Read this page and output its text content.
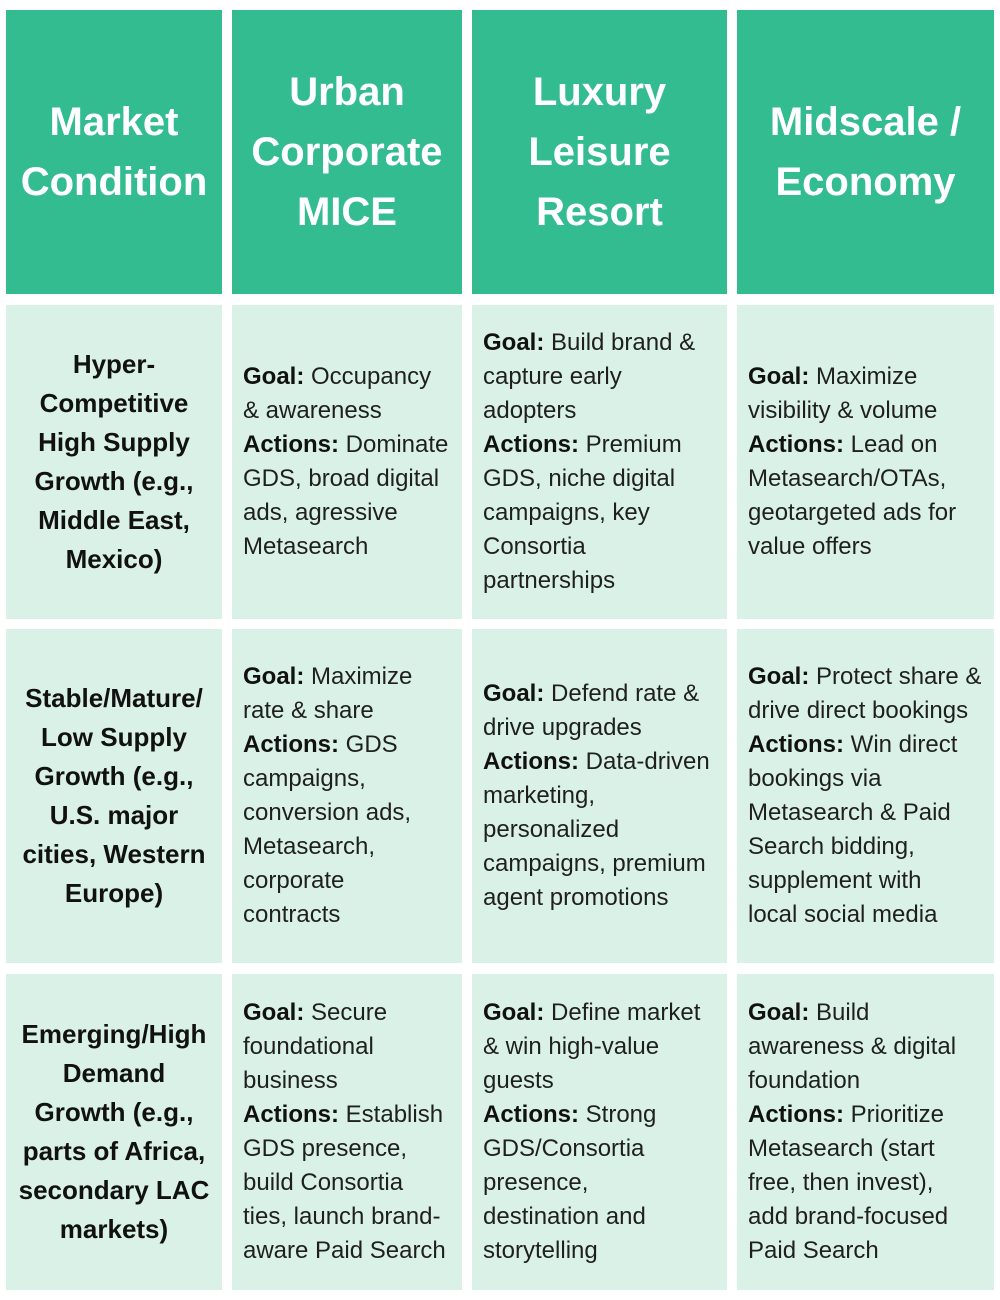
Market
Condition
Urban
Corporate
MICE
Luxury
Leisure
Resort
Midscale /
Economy
Hyper-
Competitive
High Supply
Growth (e.g.,
Middle East,
Mexico)
Goal: Occupancy
& awareness
Actions: Dominate
GDS, broad digital
ads, agressive
Metasearch
Goal: Build brand &
capture early
adopters
Actions: Premium
GDS, niche digital
campaigns, key
Consortia
partnerships
Goal: Maximize
visibility & volume
Actions: Lead on
Metasearch/OTAs,
geotargeted ads for
value offers
Stable/Mature/
Low Supply
Growth (e.g.,
U.S. major
cities, Western
Europe)
Goal: Maximize
rate & share
Actions: GDS
campaigns,
conversion ads,
Metasearch,
corporate
contracts
Goal: Defend rate &
drive upgrades
Actions: Data-driven
marketing,
personalized
campaigns, premium
agent promotions
Goal: Protect share &
drive direct bookings
Actions: Win direct
bookings via
Metasearch & Paid
Search bidding,
supplement with
local social media
Emerging/High
Demand
Growth (e.g.,
parts of Africa,
secondary LAC
markets)
Goal: Secure
foundational
business
Actions: Establish
GDS presence,
build Consortia
ties, launch brand-
aware Paid Search
Goal: Define market
& win high-value
guests
Actions: Strong
GDS/Consortia
presence,
destination and
storytelling
Goal: Build
awareness & digital
foundation
Actions: Prioritize
Metasearch (start
free, then invest),
add brand-focused
Paid Search
